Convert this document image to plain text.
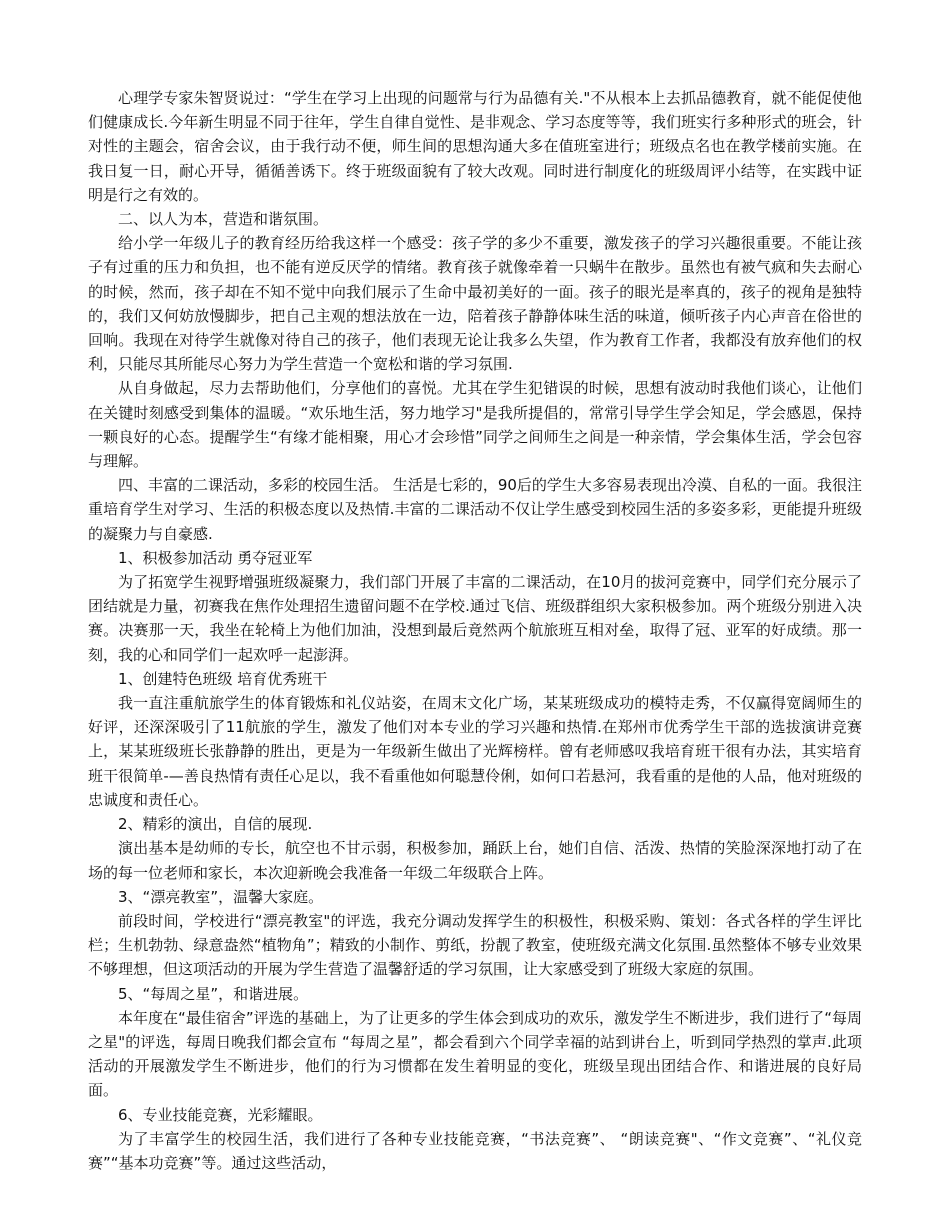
心理学专家朱智贤说过：“学生在学习上出现的问题常与行为品德有关."不从根本上去抓品德教育，就不能促使他们健康成长.今年新生明显不同于往年，学生自律自觉性、是非观念、学习态度等等，我们班实行多种形式的班会，针对性的主题会，宿舍会议，由于我行动不便，师生间的思想沟通大多在值班室进行；班级点名也在教学楼前实施。在我日复一日，耐心开导，循循善诱下。终于班级面貌有了较大改观。同时进行制度化的班级周评小结等，在实践中证明是行之有效的。

二、以人为本，营造和谐氛围。

给小学一年级儿子的教育经历给我这样一个感受：孩子学的多少不重要，激发孩子的学习兴趣很重要。不能让孩子有过重的压力和负担，也不能有逆反厌学的情绪。教育孩子就像牵着一只蜗牛在散步。虽然也有被气疯和失去耐心的时候，然而，孩子却在不知不觉中向我们展示了生命中最初美好的一面。孩子的眼光是率真的，孩子的视角是独特的，我们又何妨放慢脚步，把自己主观的想法放在一边，陪着孩子静静体味生活的味道，倾听孩子内心声音在俗世的回响。我现在对待学生就像对待自己的孩子，他们表现无论让我多么失望，作为教育工作者，我都没有放弃他们的权利，只能尽其所能尽心努力为学生营造一个宽松和谐的学习氛围.

从自身做起，尽力去帮助他们，分享他们的喜悦。尤其在学生犯错误的时候，思想有波动时我他们谈心，让他们在关键时刻感受到集体的温暖。“欢乐地生活，努力地学习"是我所提倡的，常常引导学生学会知足，学会感恩，保持一颗良好的心态。提醒学生“有缘才能相聚，用心才会珍惜”同学之间师生之间是一种亲情，学会集体生活，学会包容与理解。

四、丰富的二课活动，多彩的校园生活。 生活是七彩的，90后的学生大多容易表现出冷漠、自私的一面。我很注重培育学生对学习、生活的积极态度以及热情.丰富的二课活动不仅让学生感受到校园生活的多姿多彩，更能提升班级的凝聚力与自豪感.

1、积极参加活动 勇夺冠亚军

为了拓宽学生视野增强班级凝聚力，我们部门开展了丰富的二课活动，在10月的拔河竞赛中，同学们充分展示了团结就是力量，初赛我在焦作处理招生遗留问题不在学校.通过飞信、班级群组织大家积极参加。两个班级分别进入决赛。决赛那一天，我坐在轮椅上为他们加油，没想到最后竟然两个航旅班互相对垒，取得了冠、亚军的好成绩。那一刻，我的心和同学们一起欢呼一起澎湃。

1、创建特色班级 培育优秀班干

我一直注重航旅学生的体育锻炼和礼仪站姿，在周末文化广场，某某班级成功的模特走秀，不仅赢得宽阔师生的好评，还深深吸引了11航旅的学生，激发了他们对本专业的学习兴趣和热情.在郑州市优秀学生干部的选拔演讲竞赛上，某某班级班长张静静的胜出，更是为一年级新生做出了光辉榜样。曾有老师感叹我培育班干很有办法，其实培育班干很简单-—善良热情有责任心足以，我不看重他如何聪慧伶俐，如何口若悬河，我看重的是他的人品，他对班级的忠诚度和责任心。

2、精彩的演出，自信的展现.

演出基本是幼师的专长，航空也不甘示弱，积极参加，踊跃上台，她们自信、活泼、热情的笑脸深深地打动了在场的每一位老师和家长，本次迎新晚会我准备一年级二年级联合上阵。

3、“漂亮教室”，温馨大家庭。

前段时间，学校进行“漂亮教室"的评选，我充分调动发挥学生的积极性，积极采购、策划：各式各样的学生评比栏；生机勃勃、绿意盎然“植物角”；精致的小制作、剪纸，扮靓了教室，使班级充满文化氛围.虽然整体不够专业效果不够理想，但这项活动的开展为学生营造了温馨舒适的学习氛围，让大家感受到了班级大家庭的氛围。

5、“每周之星”，和谐进展。

本年度在“最佳宿舍”评选的基础上，为了让更多的学生体会到成功的欢乐，激发学生不断进步，我们进行了“每周之星"的评选，每周日晚我们都会宣布 “每周之星”，都会看到六个同学幸福的站到讲台上，听到同学热烈的掌声.此项活动的开展激发学生不断进步，他们的行为习惯都在发生着明显的变化，班级呈现出团结合作、和谐进展的良好局面。

6、专业技能竞赛，光彩耀眼。

为了丰富学生的校园生活，我们进行了各种专业技能竞赛，“书法竞赛”、 “朗读竞赛"、“作文竞赛”、“礼仪竞赛”“基本功竞赛”等。通过这些活动，
